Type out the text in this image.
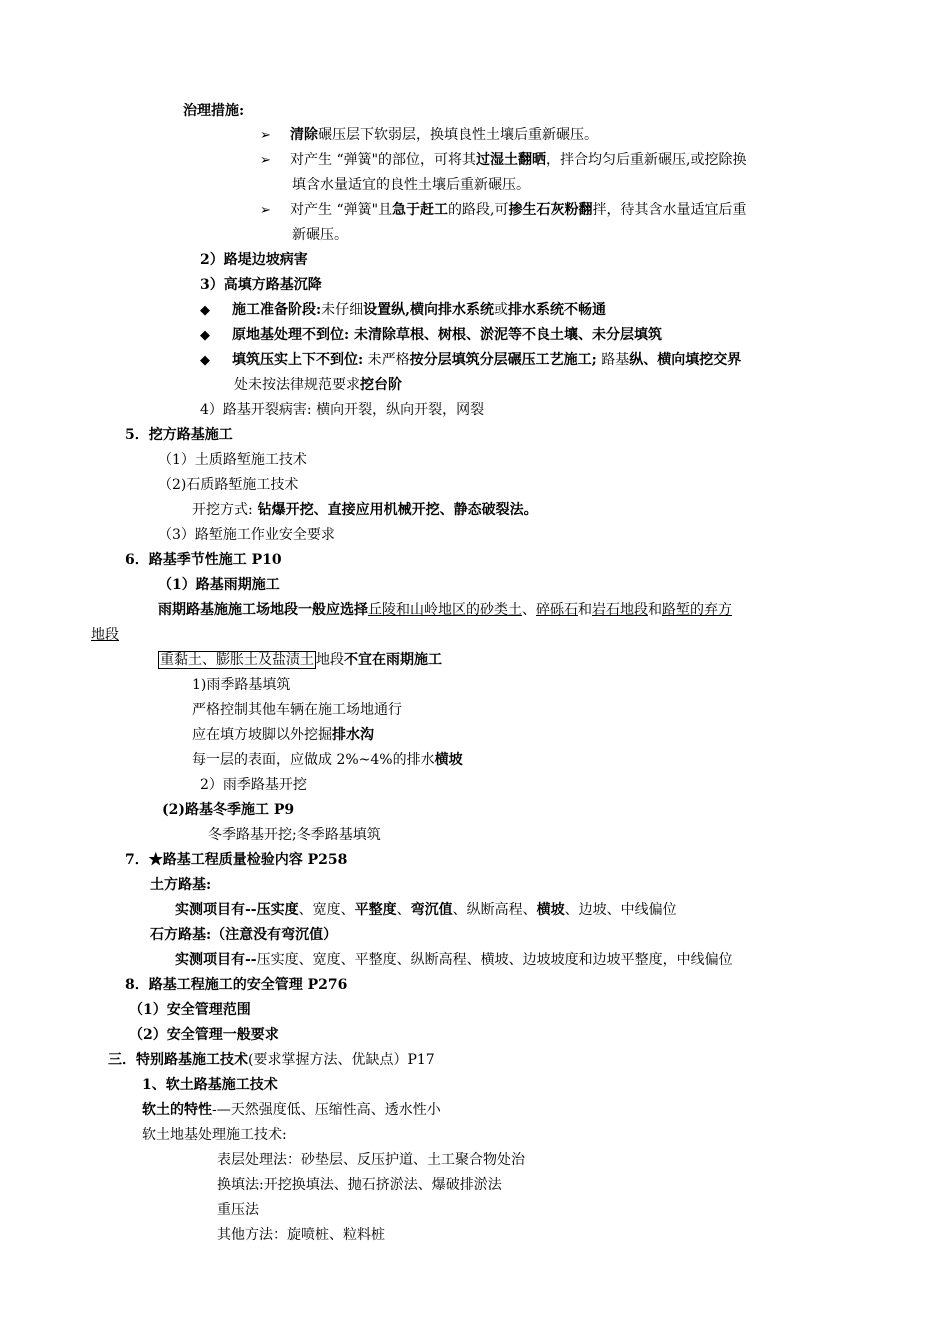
治理措施:
➢ 清除碾压层下软弱层，换填良性土壤后重新碾压。
➢ 对产生 “弹簧"的部位，可将其过湿土翻晒，拌合均匀后重新碾压,或挖除换
填含水量适宜的良性土壤后重新碾压。
➢ 对产生 “弹簧"且急于赶工的路段,可掺生石灰粉翻拌，待其含水量适宜后重
新碾压。
2）路堤边坡病害
3）高填方路基沉降
◆ 施工准备阶段:未仔细设置纵,横向排水系统或排水系统不畅通
◆ 原地基处理不到位: 未清除草根、树根、淤泥等不良土壤、未分层填筑
◆ 填筑压实上下不到位: 未严格按分层填筑分层碾压工艺施工; 路基纵、横向填挖交界
处未按法律规范要求挖台阶
4）路基开裂病害: 横向开裂，纵向开裂，网裂
5．挖方路基施工
（1）土质路堑施工技术
（2)石质路堑施工技术
开挖方式: 钻爆开挖、直接应用机械开挖、静态破裂法。
（3）路堑施工作业安全要求
6．路基季节性施工 P10
（1）路基雨期施工
雨期路基施施工场地段一般应选择丘陵和山岭地区的砂类土、碎砾石和岩石地段和路堑的弃方
地段
重黏土、膨胀土及盐渍土 地段不宜在雨期施工
1)雨季路基填筑
严格控制其他车辆在施工场地通行
应在填方坡脚以外挖掘排水沟
每一层的表面，应做成 2%~4%的排水横坡
2）雨季路基开挖
(2)路基冬季施工 P9
冬季路基开挖;冬季路基填筑
7．★路基工程质量检验内容 P258
土方路基:
实测项目有--压实度、宽度、平整度、弯沉值、纵断高程、横坡、边坡、中线偏位
石方路基:（注意没有弯沉值）
实测项目有--压实度、宽度、平整度、纵断高程、横坡、边坡坡度和边坡平整度，中线偏位
8．路基工程施工的安全管理 P276
（1）安全管理范围
（2）安全管理一般要求
三．特别路基施工技术(要求掌握方法、优缺点）P17
1、软土路基施工技术
软土的特性-—天然强度低、压缩性高、透水性小
软土地基处理施工技术:
表层处理法：砂垫层、反压护道、土工聚合物处治
换填法:开挖换填法、抛石挤淤法、爆破排淤法
重压法
其他方法：旋喷桩、粒料桩
